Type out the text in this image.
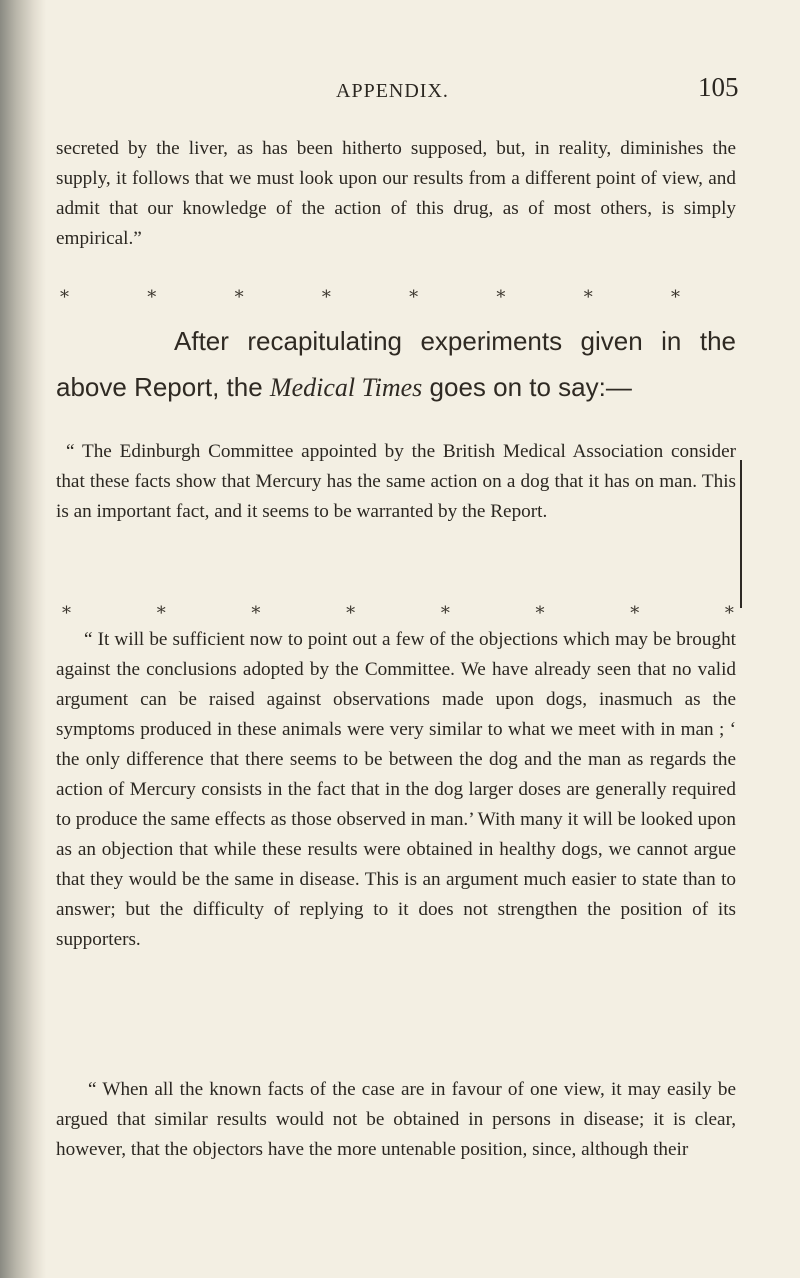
APPENDIX.	105

secreted by the liver, as has been hitherto supposed, but, in reality, diminishes the supply, it follows that we must look upon our results from a different point of view, and admit that our knowledge of the action of this drug, as of most others, is simply empirical.”

*	*	*	*	*	*	*	*

After recapitulating experiments given in the above Report, the Medical Times goes on to say:—

“ The Edinburgh Committee appointed by the British Medical Association consider that these facts show that Mercury has the same action on a dog that it has on man. This is an important fact, and it seems to be warranted by the Report.

*	*	*	*	*	*	*	*

“ It will be sufficient now to point out a few of the objections which may be brought against the conclusions adopted by the Committee. We have already seen that no valid argument can be raised against observations made upon dogs, inasmuch as the symptoms produced in these animals were very similar to what we meet with in man ; ‘ the only difference that there seems to be between the dog and the man as regards the action of Mercury consists in the fact that in the dog larger doses are generally required to produce the same effects as those observed in man.’ With many it will be looked upon as an objection that while these results were obtained in healthy dogs, we cannot argue that they would be the same in disease. This is an argument much easier to state than to answer; but the difficulty of replying to it does not strengthen the position of its supporters.

“ When all the known facts of the case are in favour of one view, it may easily be argued that similar results would not be obtained in persons in disease; it is clear, however, that the objectors have the more untenable position, since, although their
